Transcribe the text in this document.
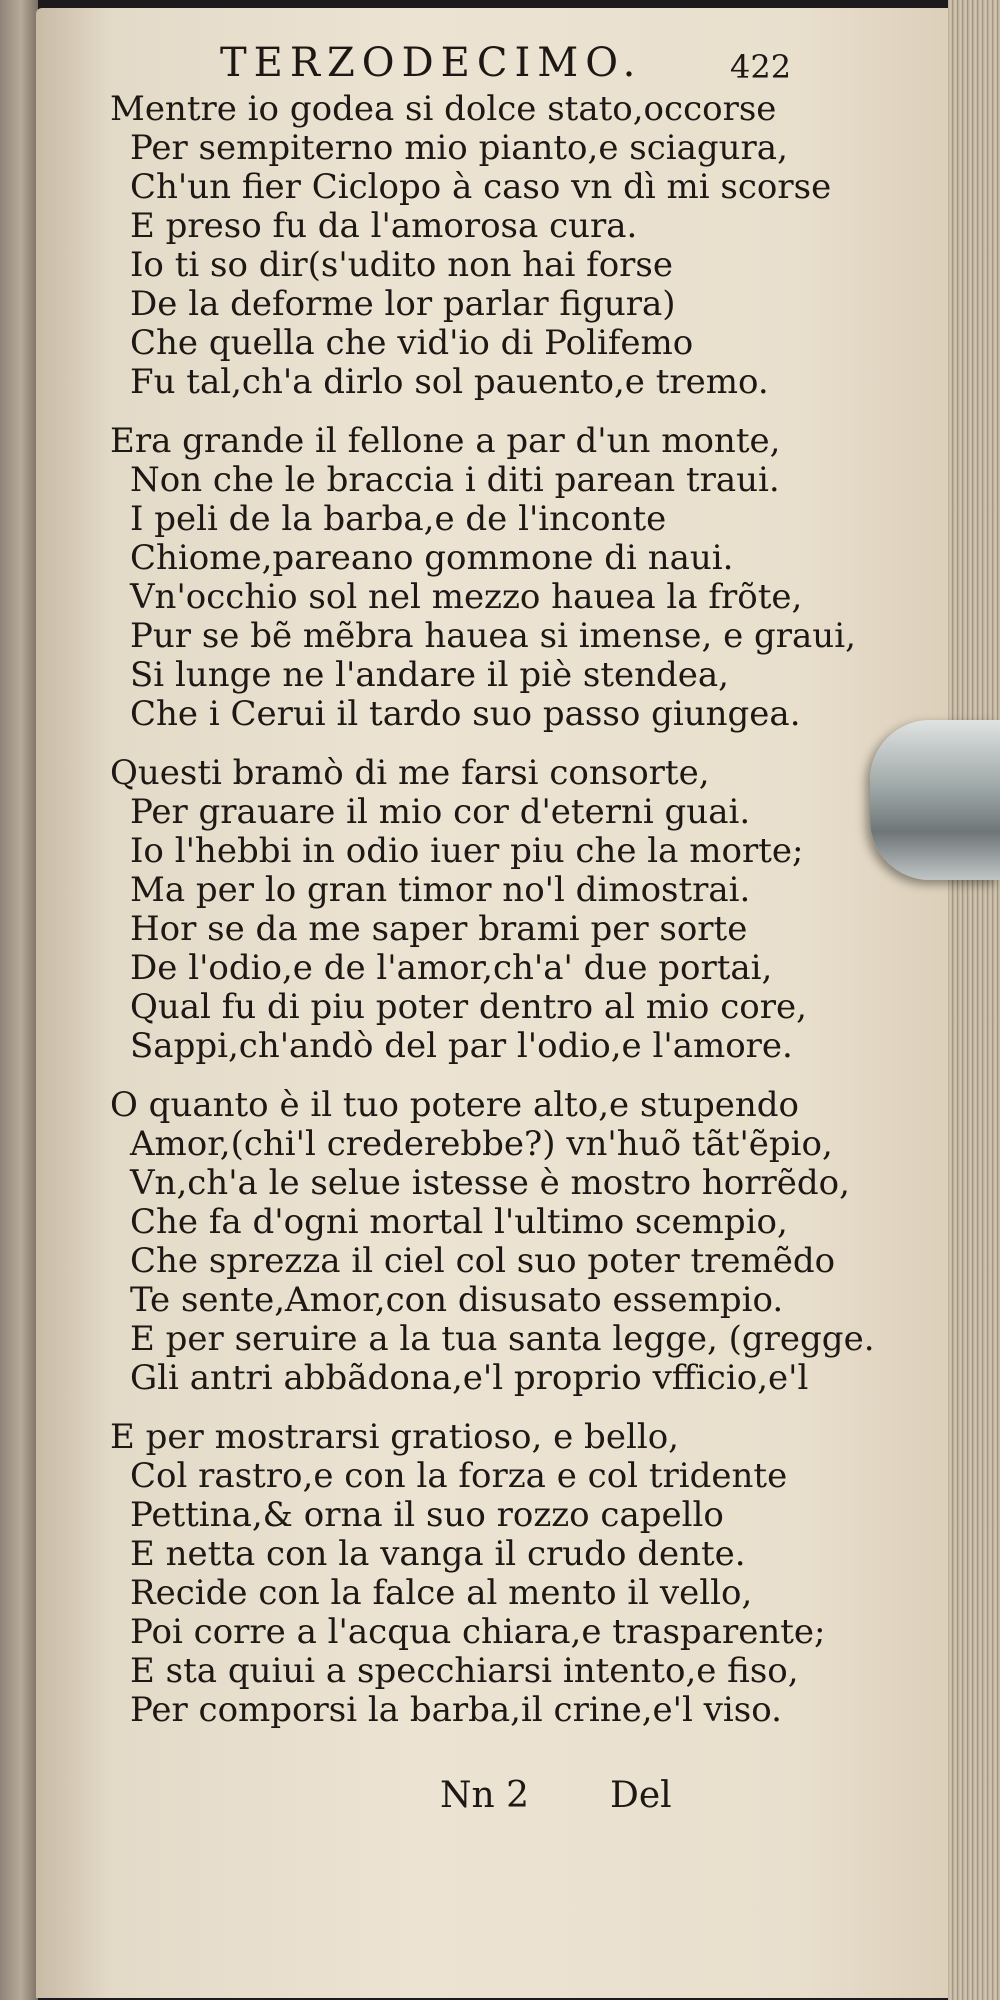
TERZODECIMO.	422
Mentre io godea si dolce stato,occorse
Per sempiterno mio pianto,e sciagura,
Ch'un fier Ciclopo à caso vn dì mi scorse
E preso fu da l'amorosa cura.
Io ti so dir(s'udito non hai forse
De la deforme lor parlar figura)
Che quella che vid'io di Polifemo
Fu tal,ch'a dirlo sol pauento,e tremo.
Era grande il fellone a par d'un monte,
Non che le braccia i diti parean traui.
I peli de la barba,e de l'inconte
Chiome,pareano gommone di naui.
Vn'occhio sol nel mezzo hauea la frõte,
Pur se bẽ mẽbra hauea si imense, e graui,
Si lunge ne l'andare il piè stendea,
Che i Cerui il tardo suo passo giungea.
Questi bramò di me farsi consorte,
Per grauare il mio cor d'eterni guai.
Io l'hebbi in odio iuer piu che la morte;
Ma per lo gran timor no'l dimostrai.
Hor se da me saper brami per sorte
De l'odio,e de l'amor,ch'a' due portai,
Qual fu di piu poter dentro al mio core,
Sappi,ch'andò del par l'odio,e l'amore.
O quanto è il tuo potere alto,e stupendo
Amor,(chi'l crederebbe?) vn'huõ tãt'ẽpio,
Vn,ch'a le selue istesse è mostro horrẽdo,
Che fa d'ogni mortal l'ultimo scempio,
Che sprezza il ciel col suo poter tremẽdo
Te sente,Amor,con disusato essempio.
E per seruire a la tua santa legge, (gregge.
Gli antri abbãdona,e'l proprio vfficio,e'l
E per mostrarsi gratioso, e bello,
Col rastro,e con la forza e col tridente
Pettina,& orna il suo rozzo capello
E netta con la vanga il crudo dente.
Recide con la falce al mento il vello,
Poi corre a l'acqua chiara,e trasparente;
E sta quiui a specchiarsi intento,e fiso,
Per comporsi la barba,il crine,e'l viso.
Nn 2 Del
